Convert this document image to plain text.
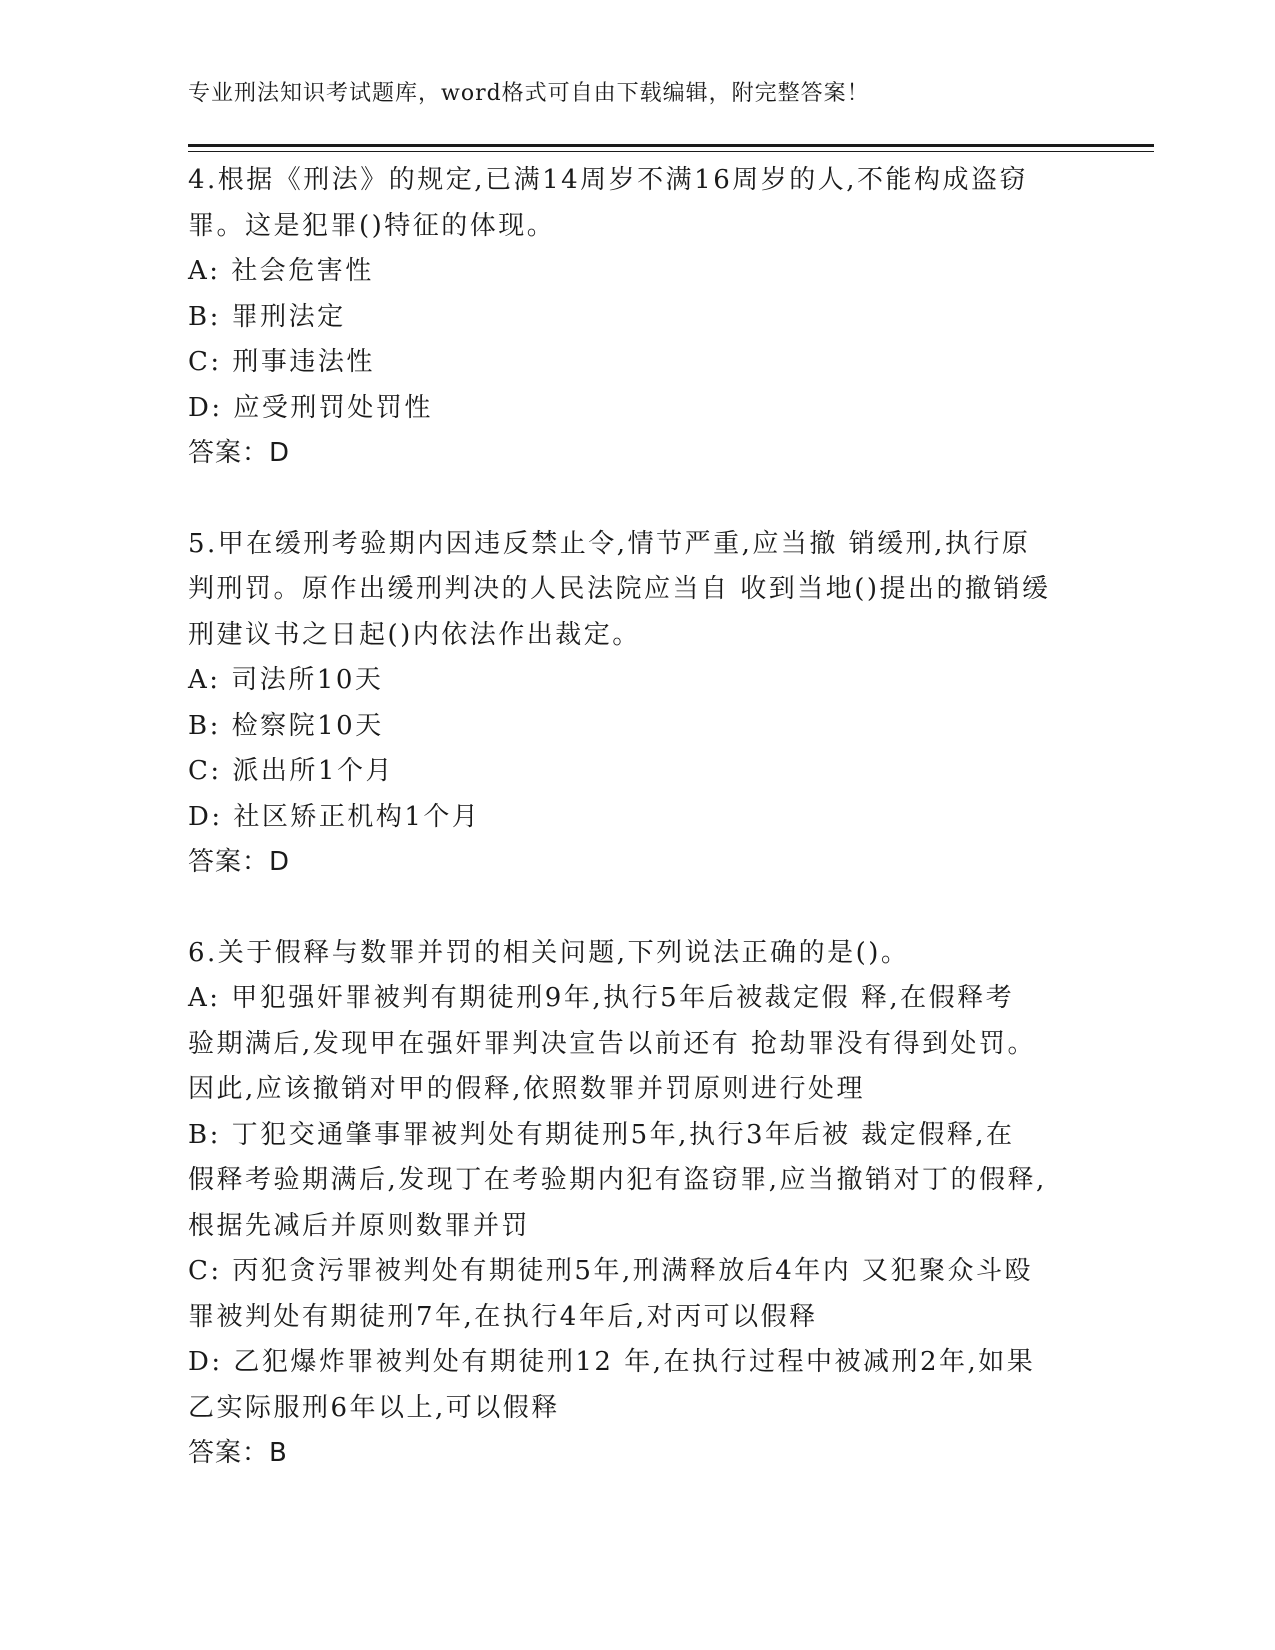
专业刑法知识考试题库，word格式可自由下载编辑，附完整答案！
4.根据《刑法》的规定,已满14周岁不满16周岁的人,不能构成盗窃
罪。这是犯罪()特征的体现。
A: 社会危害性
B: 罪刑法定
C: 刑事违法性
D: 应受刑罚处罚性
答案：D
5.甲在缓刑考验期内因违反禁止令,情节严重,应当撤 销缓刑,执行原
判刑罚。原作出缓刑判决的人民法院应当自 收到当地()提出的撤销缓
刑建议书之日起()内依法作出裁定。
A: 司法所10天
B: 检察院10天
C: 派出所1个月
D: 社区矫正机构1个月
答案：D
6.关于假释与数罪并罚的相关问题,下列说法正确的是()。
A: 甲犯强奸罪被判有期徒刑9年,执行5年后被裁定假 释,在假释考
验期满后,发现甲在强奸罪判决宣告以前还有 抢劫罪没有得到处罚。
因此,应该撤销对甲的假释,依照数罪并罚原则进行处理
B: 丁犯交通肇事罪被判处有期徒刑5年,执行3年后被 裁定假释,在
假释考验期满后,发现丁在考验期内犯有盗窃罪,应当撤销对丁的假释,
根据先减后并原则数罪并罚
C: 丙犯贪污罪被判处有期徒刑5年,刑满释放后4年内 又犯聚众斗殴
罪被判处有期徒刑7年,在执行4年后,对丙可以假释
D: 乙犯爆炸罪被判处有期徒刑12 年,在执行过程中被减刑2年,如果
乙实际服刑6年以上,可以假释
答案：B
